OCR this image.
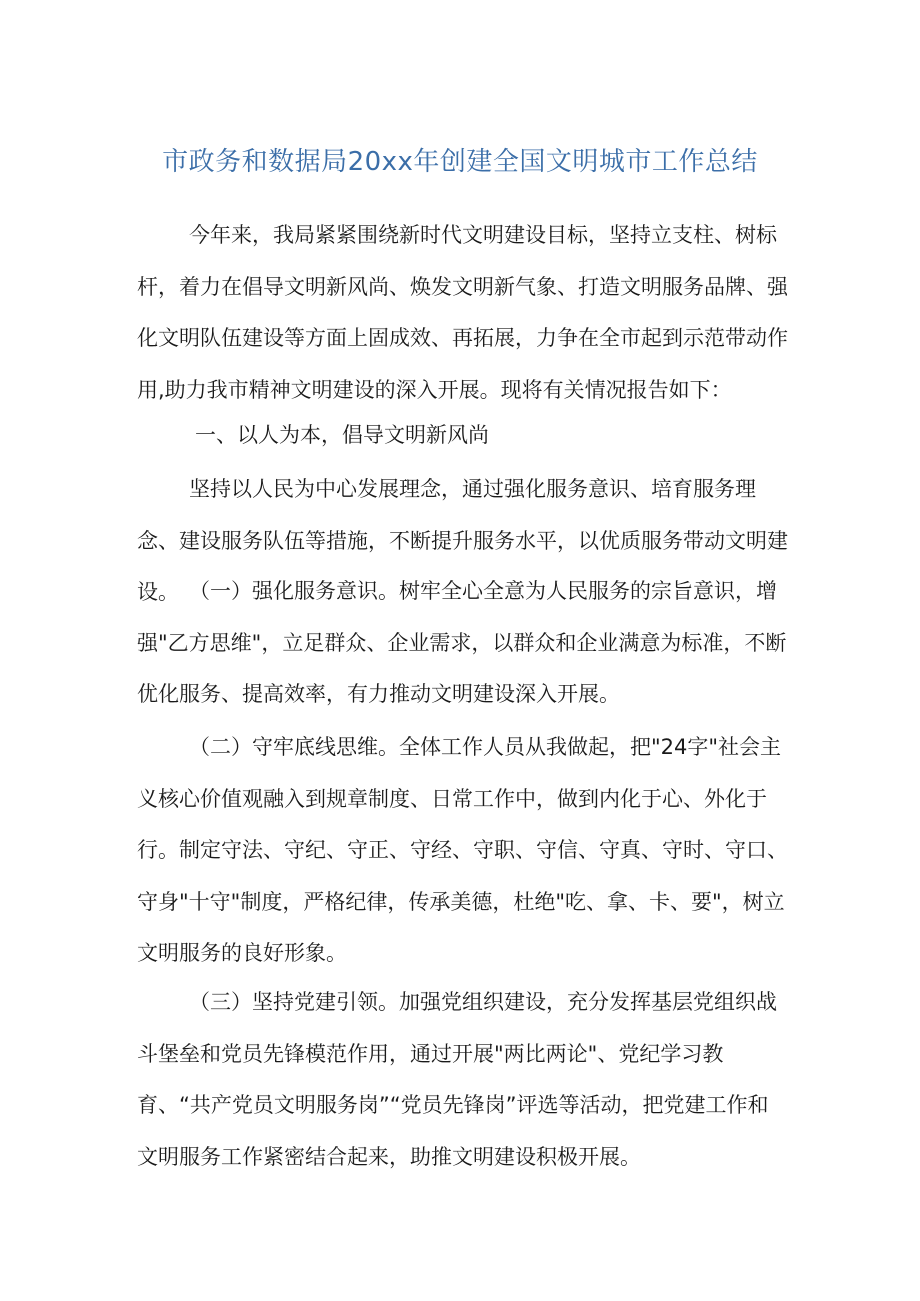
市政务和数据局20xx年创建全国文明城市工作总结

今年来，我局紧紧围绕新时代文明建设目标，坚持立支柱、树标杆，着力在倡导文明新风尚、焕发文明新气象、打造文明服务品牌、强化文明队伍建设等方面上固成效、再拓展，力争在全市起到示范带动作用,助力我市精神文明建设的深入开展。现将有关情况报告如下：

一、以人为本，倡导文明新风尚

坚持以人民为中心发展理念，通过强化服务意识、培育服务理念、建设服务队伍等措施，不断提升服务水平，以优质服务带动文明建设。 （一）强化服务意识。树牢全心全意为人民服务的宗旨意识，增强"乙方思维"，立足群众、企业需求，以群众和企业满意为标准，不断优化服务、提高效率，有力推动文明建设深入开展。

（二）守牢底线思维。全体工作人员从我做起，把"24字"社会主义核心价值观融入到规章制度、日常工作中，做到内化于心、外化于行。制定守法、守纪、守正、守经、守职、守信、守真、守时、守口、守身"十守"制度，严格纪律，传承美德，杜绝"吃、拿、卡、要"，树立文明服务的良好形象。

（三）坚持党建引领。加强党组织建设，充分发挥基层党组织战斗堡垒和党员先锋模范作用，通过开展"两比两论"、党纪学习教育、“共产党员文明服务岗”“党员先锋岗”评选等活动，把党建工作和文明服务工作紧密结合起来，助推文明建设积极开展。
